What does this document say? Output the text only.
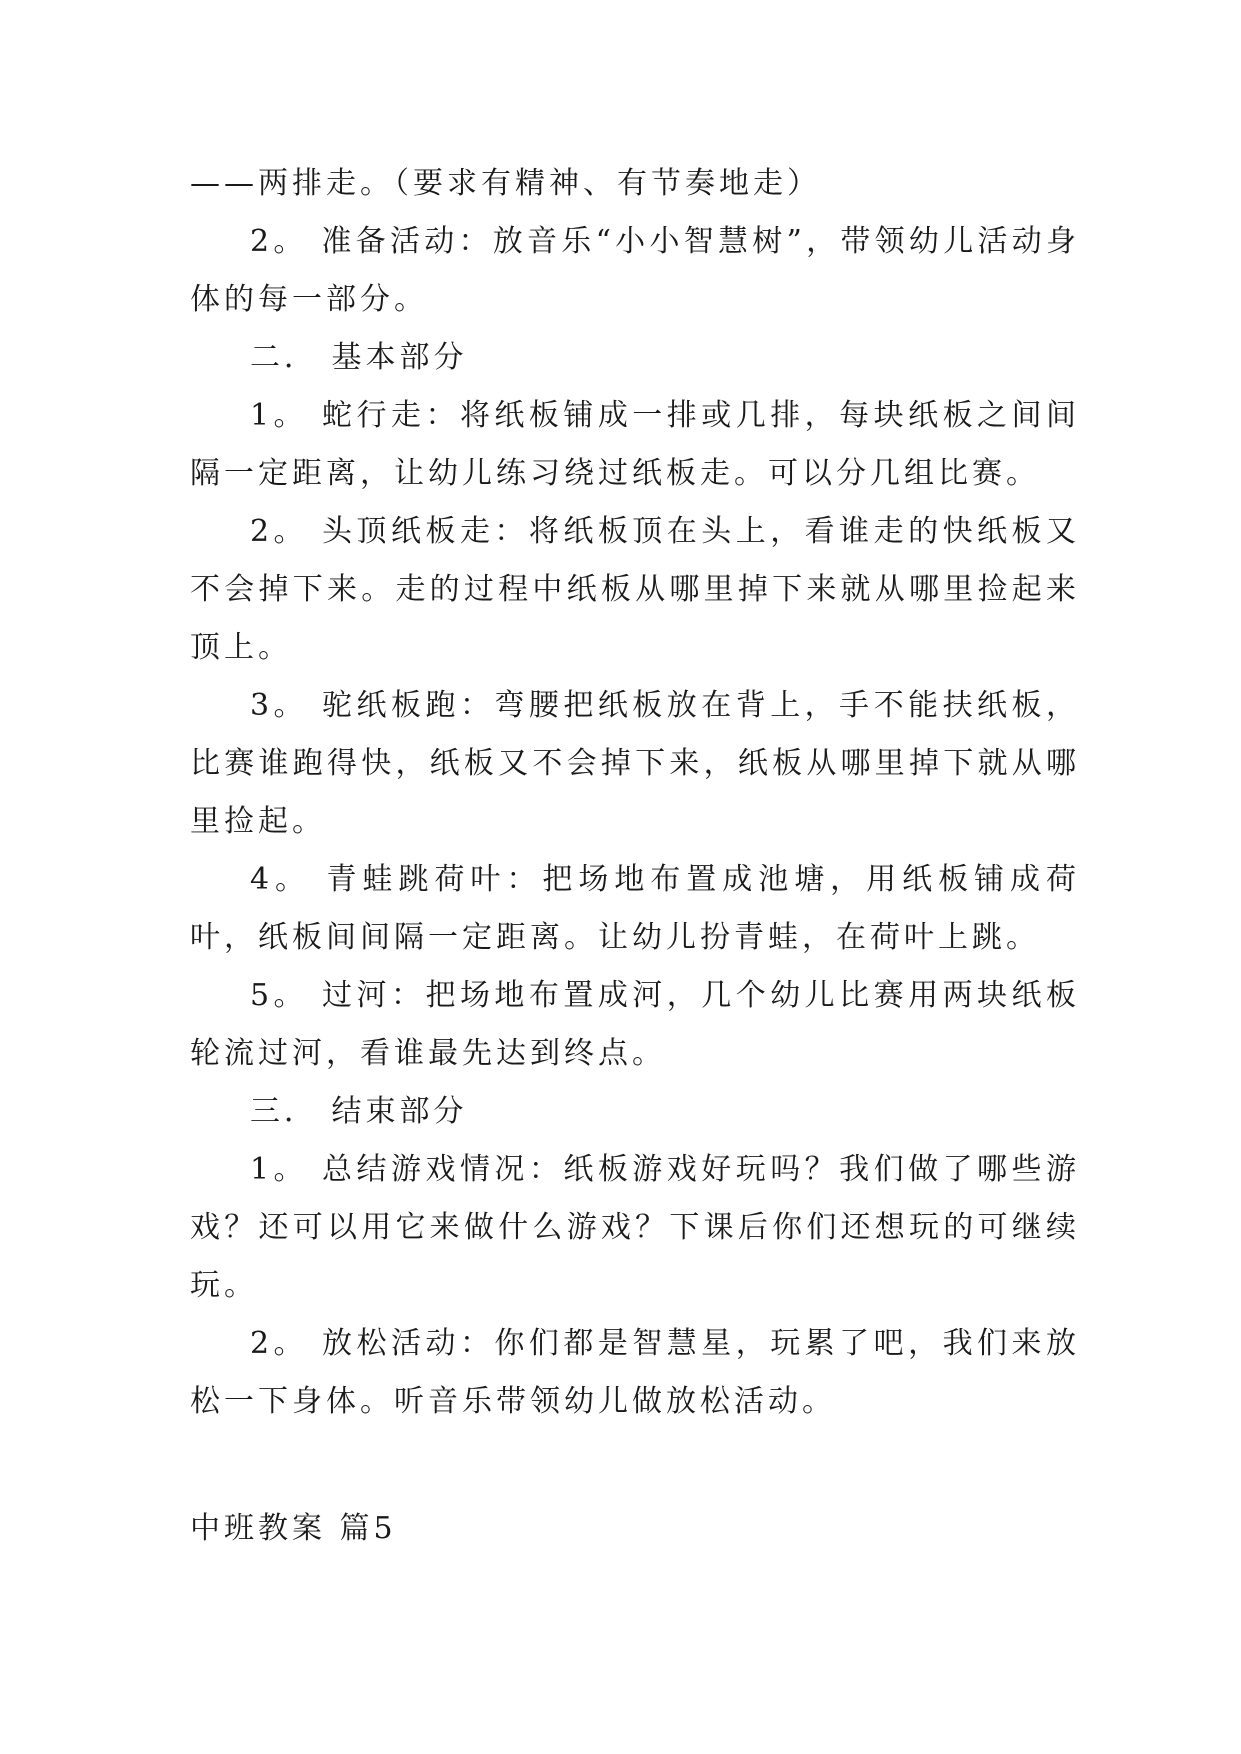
——两排走。（要求有精神、有节奏地走）

2。 准备活动：放音乐“小小智慧树”，带领幼儿活动身体的每一部分。

二． 基本部分

1。 蛇行走：将纸板铺成一排或几排，每块纸板之间间隔一定距离，让幼儿练习绕过纸板走。可以分几组比赛。

2。 头顶纸板走：将纸板顶在头上，看谁走的快纸板又不会掉下来。走的过程中纸板从哪里掉下来就从哪里捡起来顶上。

3。 驼纸板跑：弯腰把纸板放在背上，手不能扶纸板，比赛谁跑得快，纸板又不会掉下来，纸板从哪里掉下就从哪里捡起。

4。 青蛙跳荷叶：把场地布置成池塘，用纸板铺成荷叶，纸板间间隔一定距离。让幼儿扮青蛙，在荷叶上跳。

5。 过河：把场地布置成河，几个幼儿比赛用两块纸板轮流过河，看谁最先达到终点。

三． 结束部分

1。 总结游戏情况：纸板游戏好玩吗？我们做了哪些游戏？还可以用它来做什么游戏？下课后你们还想玩的可继续玩。

2。 放松活动：你们都是智慧星，玩累了吧，我们来放松一下身体。听音乐带领幼儿做放松活动。

中班教案 篇5
